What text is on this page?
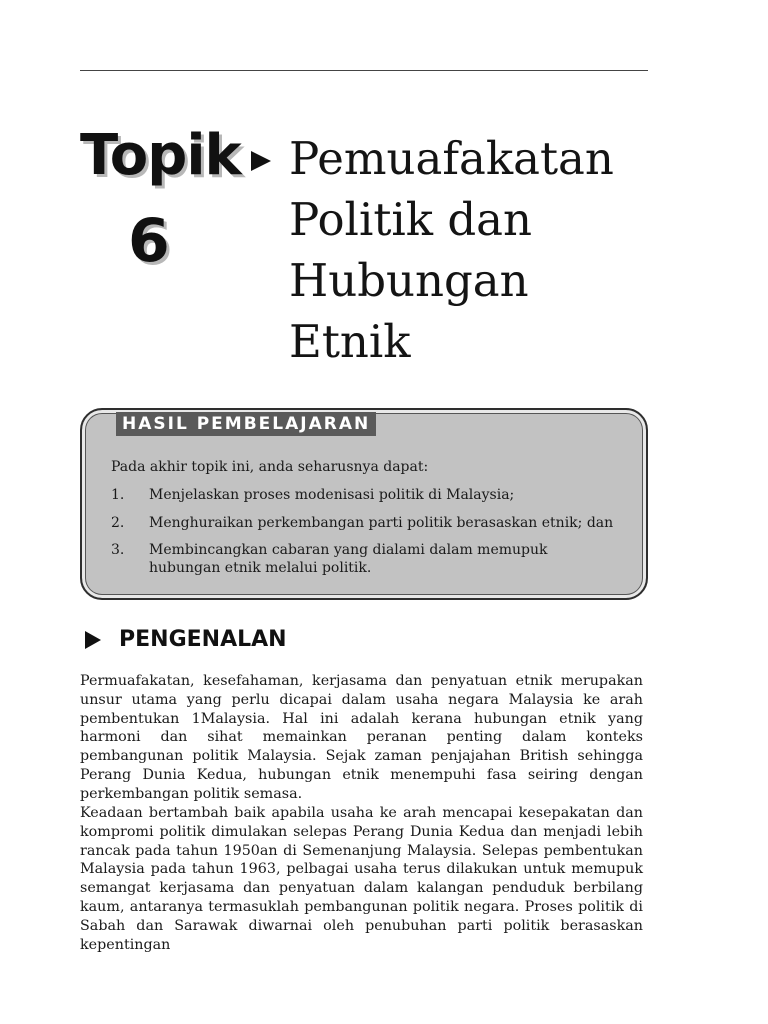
Topik
6
Pemuafakatan
Politik dan
Hubungan
Etnik
HASIL PEMBELAJARAN
Pada akhir topik ini, anda seharusnya dapat:
1. Menjelaskan proses modenisasi politik di Malaysia;
2. Menghuraikan perkembangan parti politik berasaskan etnik; dan
3. Membincangkan cabaran yang dialami dalam memupuk hubungan etnik melalui politik.
PENGENALAN
Permuafakatan, kesefahaman, kerjasama dan penyatuan etnik merupakan unsur utama yang perlu dicapai dalam usaha negara Malaysia ke arah pembentukan 1Malaysia. Hal ini adalah kerana hubungan etnik yang harmoni dan sihat memainkan peranan penting dalam konteks pembangunan politik Malaysia. Sejak zaman penjajahan British sehingga Perang Dunia Kedua, hubungan etnik menempuhi fasa seiring dengan perkembangan politik semasa.
Keadaan bertambah baik apabila usaha ke arah mencapai kesepakatan dan kompromi politik dimulakan selepas Perang Dunia Kedua dan menjadi lebih rancak pada tahun 1950an di Semenanjung Malaysia. Selepas pembentukan Malaysia pada tahun 1963, pelbagai usaha terus dilakukan untuk memupuk semangat kerjasama dan penyatuan dalam kalangan penduduk berbilang kaum, antaranya termasuklah pembangunan politik negara. Proses politik di Sabah dan Sarawak diwarnai oleh penubuhan parti politik berasaskan kepentingan
